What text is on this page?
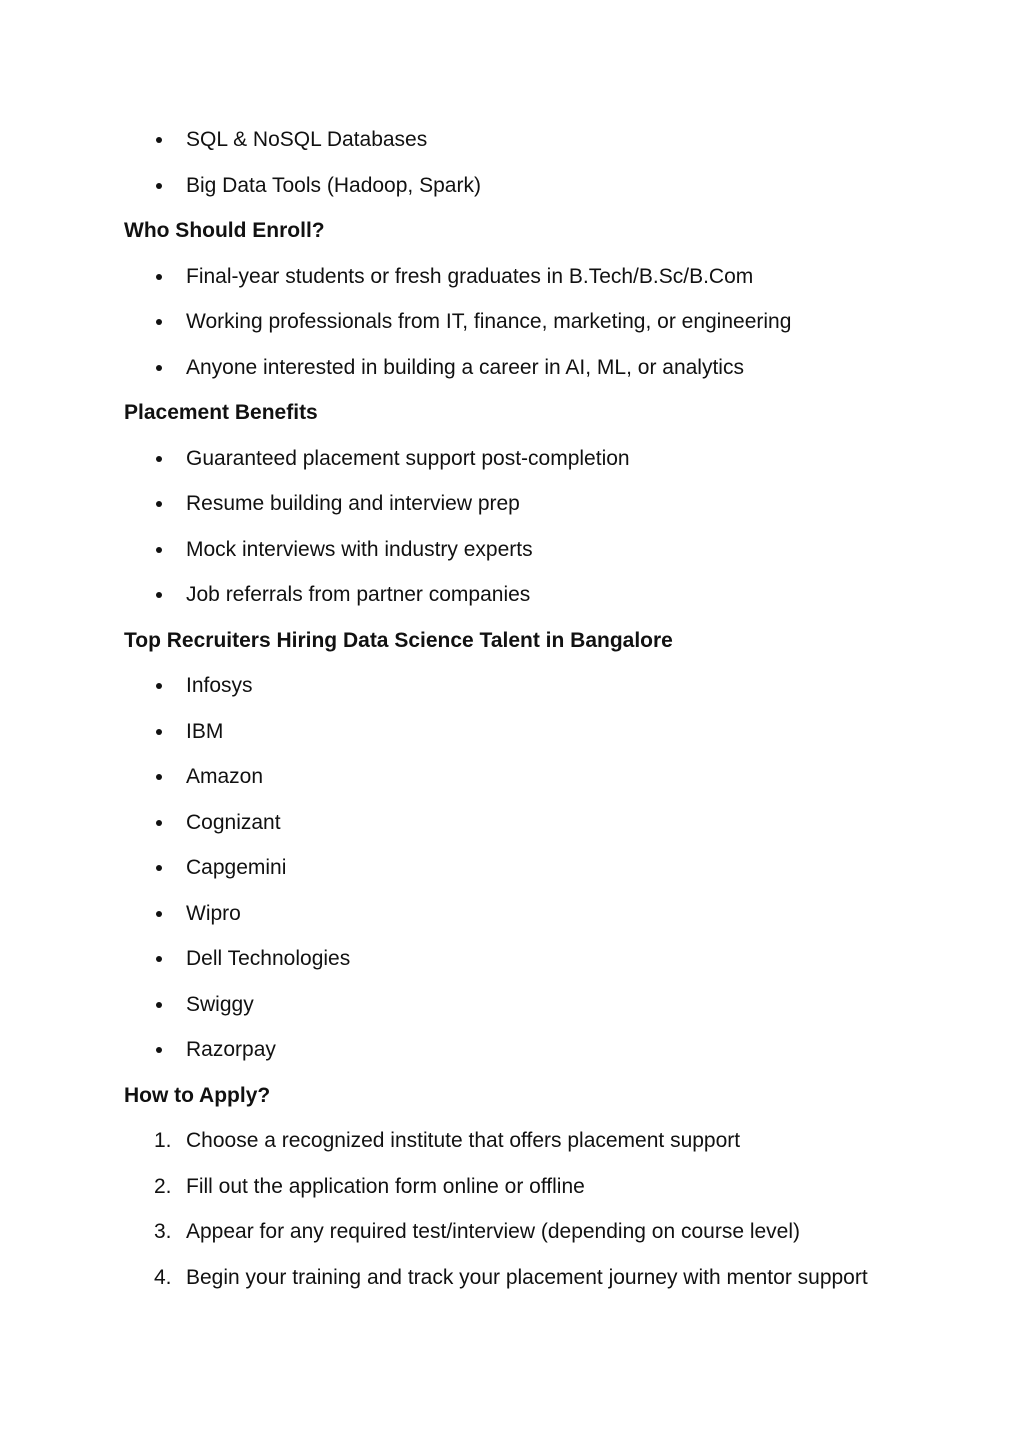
SQL & NoSQL Databases
Big Data Tools (Hadoop, Spark)
Who Should Enroll?
Final-year students or fresh graduates in B.Tech/B.Sc/B.Com
Working professionals from IT, finance, marketing, or engineering
Anyone interested in building a career in AI, ML, or analytics
Placement Benefits
Guaranteed placement support post-completion
Resume building and interview prep
Mock interviews with industry experts
Job referrals from partner companies
Top Recruiters Hiring Data Science Talent in Bangalore
Infosys
IBM
Amazon
Cognizant
Capgemini
Wipro
Dell Technologies
Swiggy
Razorpay
How to Apply?
1. Choose a recognized institute that offers placement support
2. Fill out the application form online or offline
3. Appear for any required test/interview (depending on course level)
4. Begin your training and track your placement journey with mentor support
